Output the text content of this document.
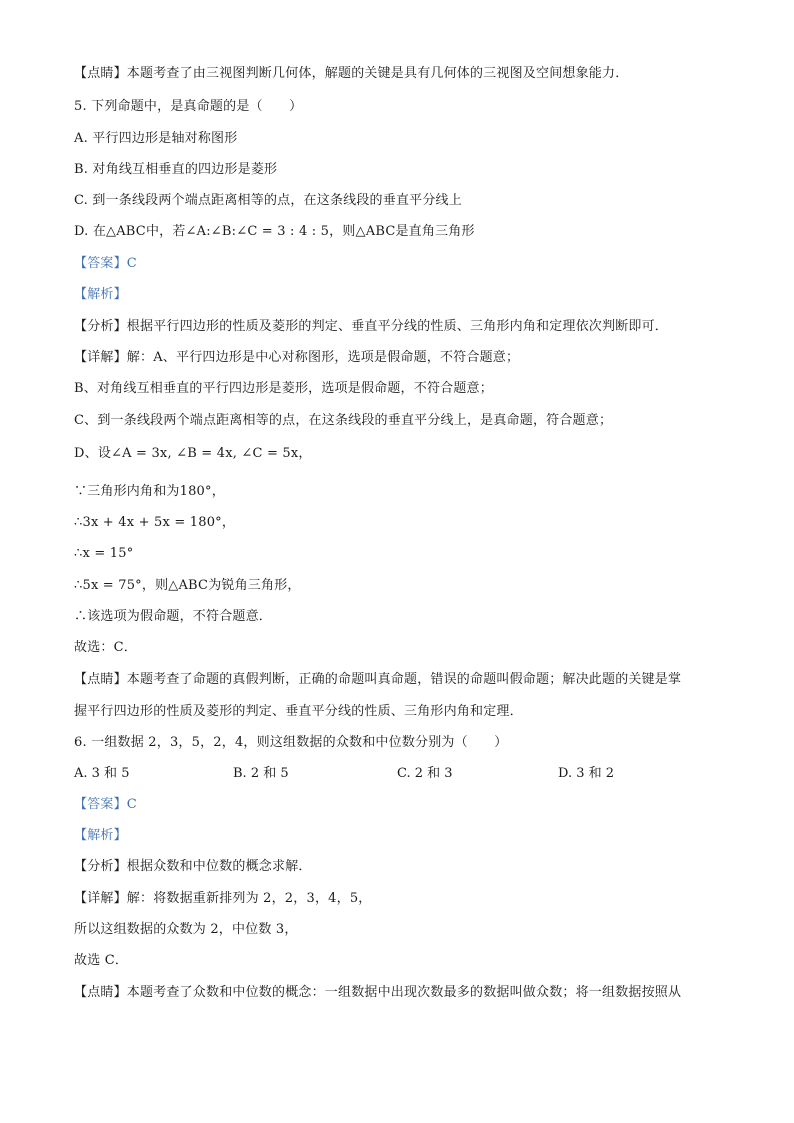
【点睛】本题考查了由三视图判断几何体，解题的关键是具有几何体的三视图及空间想象能力．
5. 下列命题中，是真命题的是（　　）
A. 平行四边形是轴对称图形
B. 对角线互相垂直的四边形是菱形
C. 到一条线段两个端点距离相等的点，在这条线段的垂直平分线上
D. 在△ABC中，若∠A:∠B:∠C = 3 : 4 : 5，则△ABC是直角三角形
【答案】C
【解析】
【分析】根据平行四边形的性质及菱形的判定、垂直平分线的性质、三角形内角和定理依次判断即可．
【详解】解：A、平行四边形是中心对称图形，选项是假命题，不符合题意；
B、对角线互相垂直的平行四边形是菱形，选项是假命题，不符合题意；
C、到一条线段两个端点距离相等的点，在这条线段的垂直平分线上，是真命题，符合题意；
D、设∠A = 3x, ∠B = 4x, ∠C = 5x，
∵三角形内角和为180°，
∴3x + 4x + 5x = 180°，
∴x = 15°
∴5x = 75°，则△ABC为锐角三角形，
∴该选项为假命题，不符合题意．
故选：C．
【点睛】本题考查了命题的真假判断，正确的命题叫真命题，错误的命题叫假命题；解决此题的关键是掌
握平行四边形的性质及菱形的判定、垂直平分线的性质、三角形内角和定理．
6. 一组数据 2，3，5，2，4，则这组数据的众数和中位数分别为（　　）
A. 3 和 5	B. 2 和 5	C. 2 和 3	D. 3 和 2
【答案】C
【解析】
【分析】根据众数和中位数的概念求解．
【详解】解：将数据重新排列为 2，2，3，4，5，
所以这组数据的众数为 2，中位数 3，
故选 C．
【点睛】本题考查了众数和中位数的概念：一组数据中出现次数最多的数据叫做众数；将一组数据按照从
